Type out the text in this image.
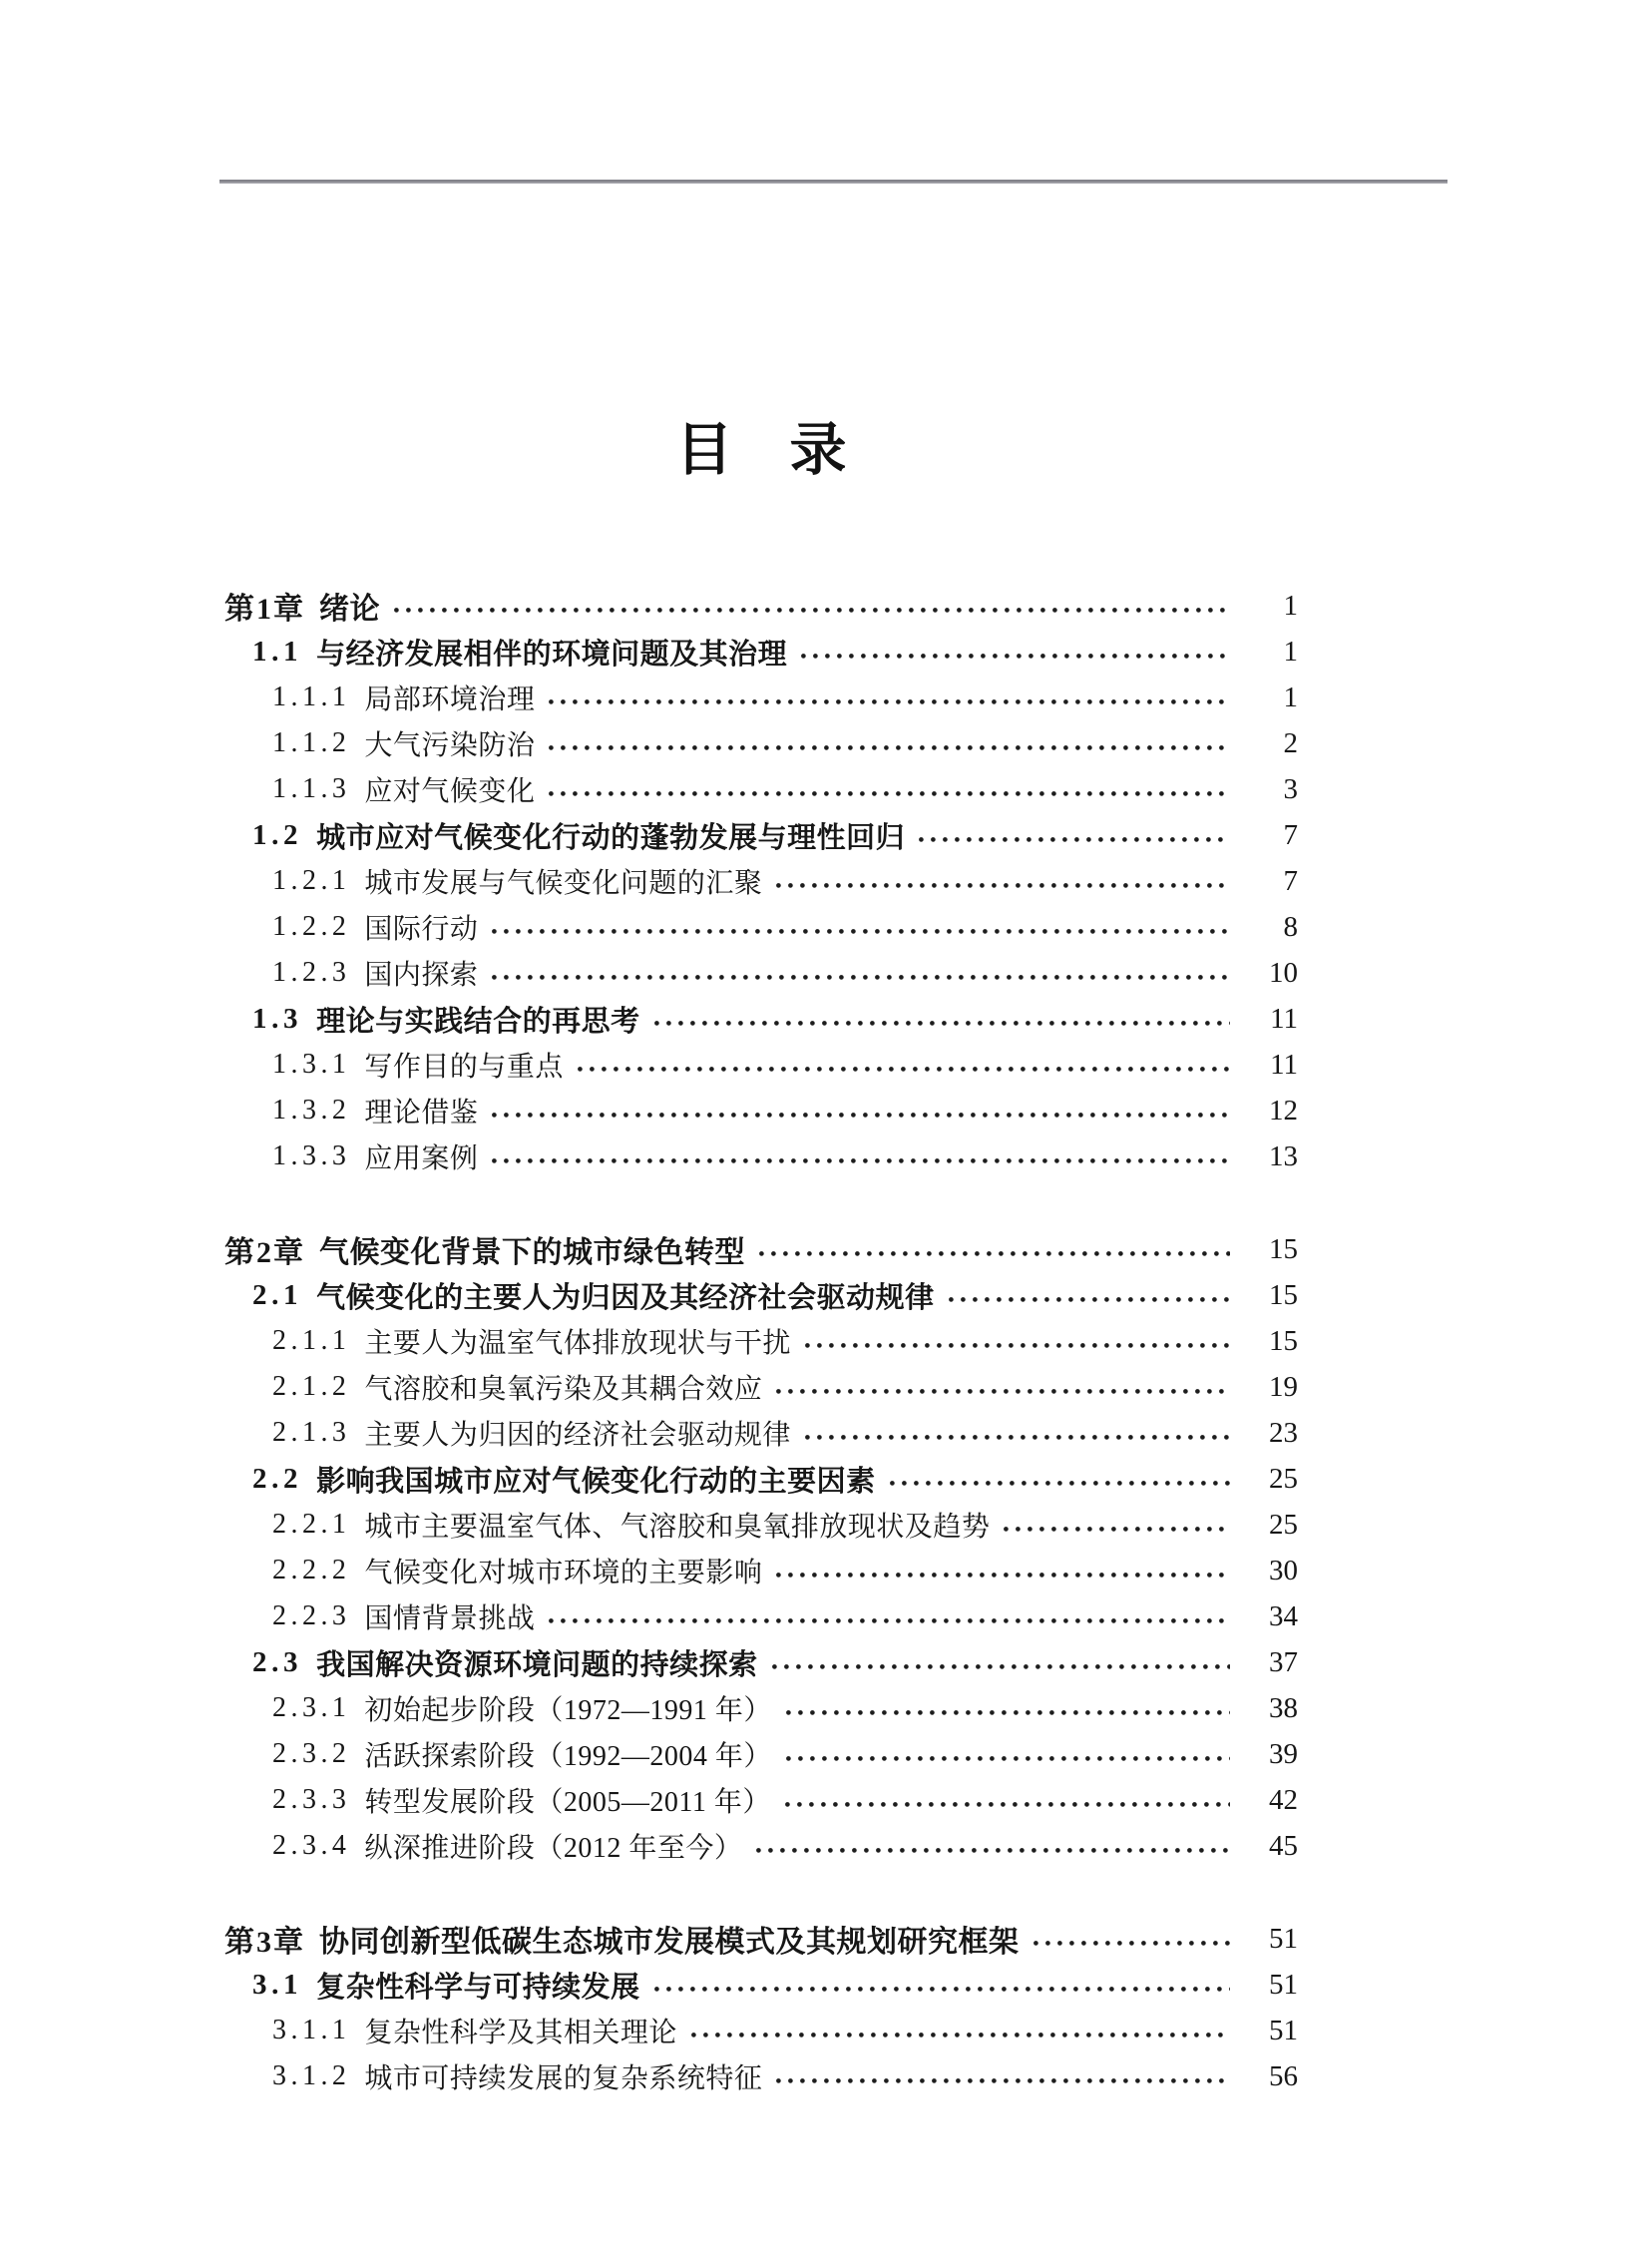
目　录
第1章 绪论	1
1.1 与经济发展相伴的环境问题及其治理	1
1.1.1 局部环境治理	1
1.1.2 大气污染防治	2
1.1.3 应对气候变化	3
1.2 城市应对气候变化行动的蓬勃发展与理性回归	7
1.2.1 城市发展与气候变化问题的汇聚	7
1.2.2 国际行动	8
1.2.3 国内探索	10
1.3 理论与实践结合的再思考	11
1.3.1 写作目的与重点	11
1.3.2 理论借鉴	12
1.3.3 应用案例	13
第2章 气候变化背景下的城市绿色转型	15
2.1 气候变化的主要人为归因及其经济社会驱动规律	15
2.1.1 主要人为温室气体排放现状与干扰	15
2.1.2 气溶胶和臭氧污染及其耦合效应	19
2.1.3 主要人为归因的经济社会驱动规律	23
2.2 影响我国城市应对气候变化行动的主要因素	25
2.2.1 城市主要温室气体、气溶胶和臭氧排放现状及趋势	25
2.2.2 气候变化对城市环境的主要影响	30
2.2.3 国情背景挑战	34
2.3 我国解决资源环境问题的持续探索	37
2.3.1 初始起步阶段（1972—1991 年）	38
2.3.2 活跃探索阶段（1992—2004 年）	39
2.3.3 转型发展阶段（2005—2011 年）	42
2.3.4 纵深推进阶段（2012 年至今）	45
第3章 协同创新型低碳生态城市发展模式及其规划研究框架	51
3.1 复杂性科学与可持续发展	51
3.1.1 复杂性科学及其相关理论	51
3.1.2 城市可持续发展的复杂系统特征	56
